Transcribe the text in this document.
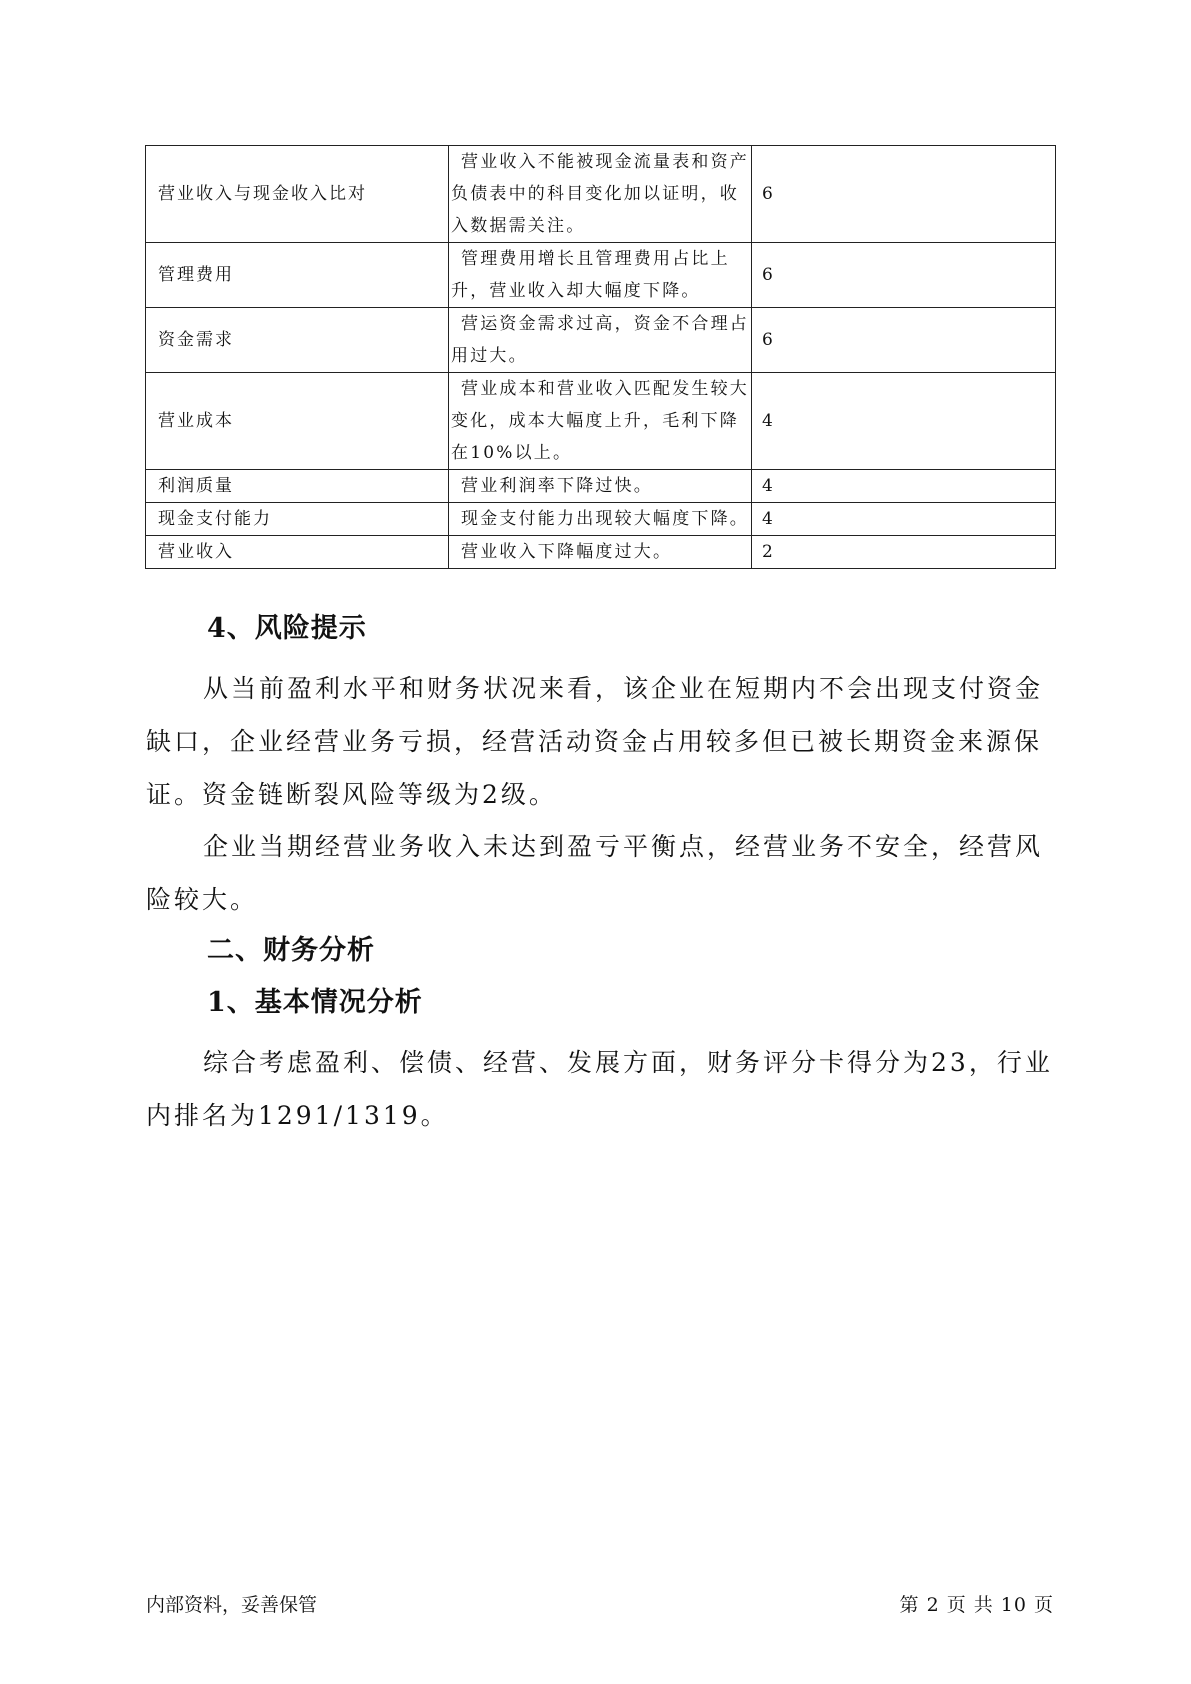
营业收入与现金收入比对	营业收入不能被现金流量表和资产负债表中的科目变化加以证明，收入数据需关注。	6
管理费用	管理费用增长且管理费用占比上升，营业收入却大幅度下降。	6
资金需求	营运资金需求过高，资金不合理占用过大。	6
营业成本	营业成本和营业收入匹配发生较大变化，成本大幅度上升，毛利下降在10%以上。	4
利润质量	营业利润率下降过快。	4
现金支付能力	现金支付能力出现较大幅度下降。	4
营业收入	营业收入下降幅度过大。	2
4、风险提示

从当前盈利水平和财务状况来看，该企业在短期内不会出现支付资金缺口，企业经营业务亏损，经营活动资金占用较多但已被长期资金来源保证。资金链断裂风险等级为2级。

企业当期经营业务收入未达到盈亏平衡点，经营业务不安全，经营风险较大。

二、财务分析
1、基本情况分析

综合考虑盈利、偿债、经营、发展方面，财务评分卡得分为23，行业内排名为1291/1319。

内部资料，妥善保管	第 2 页 共 10 页
